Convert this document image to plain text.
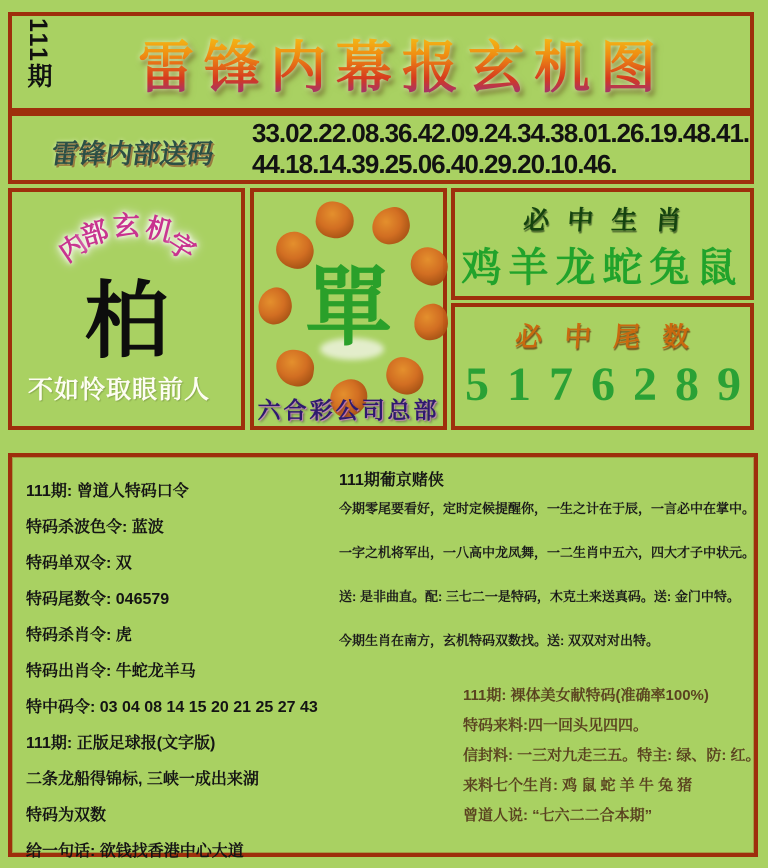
111期	雷锋内幕报玄机图
雷锋内部送码
33.02.22.08.36.42.09.24.34.38.01.26.19.48.41.
44.18.14.39.25.06.40.29.20.10.46.
内部玄机字
柏
不如怜取眼前人
單
六合彩公司总部
必中生肖
鸡羊龙蛇兔鼠
必中尾数
5176289
111期: 曾道人特码口令
特码杀波色令: 蓝波
特码单双令: 双
特码尾数令: 046579
特码杀肖令: 虎
特码出肖令: 牛蛇龙羊马
特中码令: 03 04 08 14 15 20 21 25 27 43
111期: 正版足球报(文字版)
二条龙船得锦标, 三峡一成出来湖
特码为双数
给一句话: 欲钱找香港中心大道
111期葡京赌侠
今期零尾要看好，定时定候提醒你，一生之计在于辰，一言必中在掌中。
一字之机将军出，一八高中龙凤舞，一二生肖中五六，四大才子中状元。
送: 是非曲直。配: 三七二一是特码，木克土来送真码。送: 金门中特。
今期生肖在南方，玄机特码双数找。送: 双双对对出特。
111期: 裸体美女献特码(准确率100%)
特码来料:四一回头见四四。
信封料: 一三对九走三五。特主: 绿、防: 红。
来料七个生肖: 鸡 鼠 蛇 羊 牛 兔 猪
曾道人说: “七六二二合本期”
